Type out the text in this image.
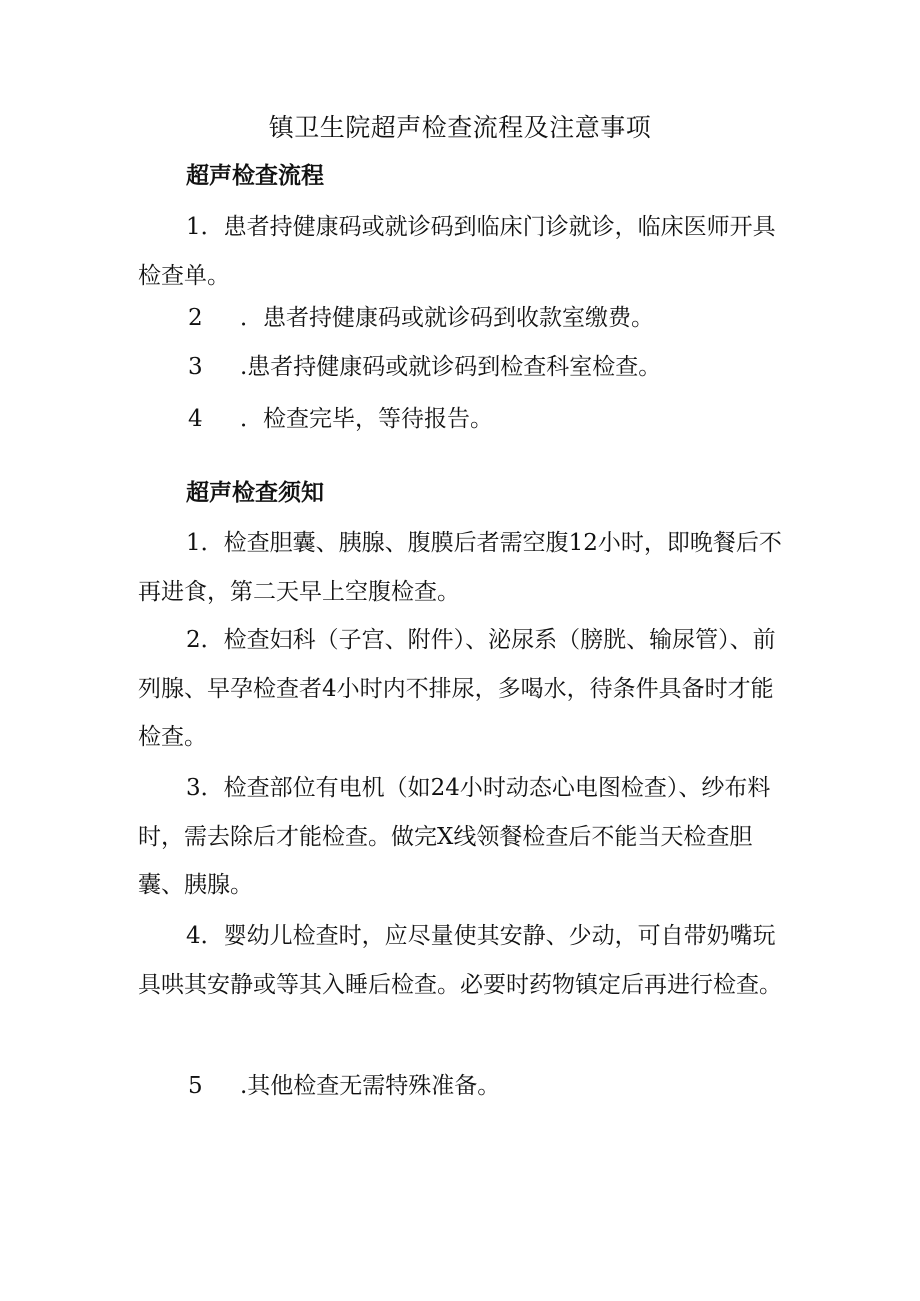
镇卫生院超声检查流程及注意事项
超声检查流程

1．患者持健康码或就诊码到临床门诊就诊，临床医师开具检查单。

2 ．患者持健康码或就诊码到收款室缴费。
3 .患者持健康码或就诊码到检查科室检查。
4 ．检查完毕，等待报告。
超声检查须知

1．检查胆囊、胰腺、腹膜后者需空腹12小时，即晚餐后不再进食，第二天早上空腹检查。

2．检查妇科（子宫、附件）、泌尿系（膀胱、输尿管）、前列腺、早孕检查者4小时内不排尿，多喝水，待条件具备时才能检查。

3．检查部位有电机（如24小时动态心电图检查）、纱布料时，需去除后才能检查。做完X线领餐检查后不能当天检查胆囊、胰腺。

4．婴幼儿检查时，应尽量使其安静、少动，可自带奶嘴玩具哄其安静或等其入睡后检查。必要时药物镇定后再进行检查。

5 .其他检查无需特殊准备。
